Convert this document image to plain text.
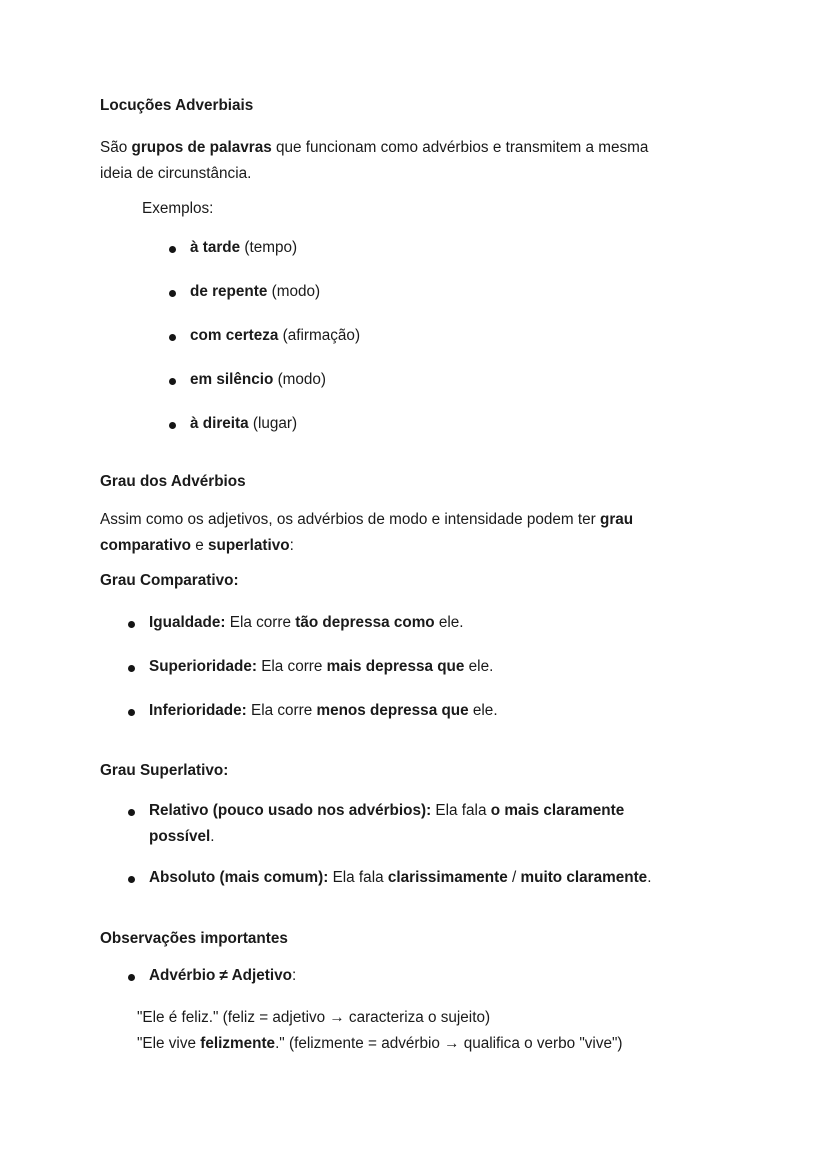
Locuções Adverbiais
São grupos de palavras que funcionam como advérbios e transmitem a mesma
ideia de circunstância.
Exemplos:
à tarde (tempo)
de repente (modo)
com certeza (afirmação)
em silêncio (modo)
à direita (lugar)
Grau dos Advérbios
Assim como os adjetivos, os advérbios de modo e intensidade podem ter grau
comparativo e superlativo:
Grau Comparativo:
Igualdade: Ela corre tão depressa como ele.
Superioridade: Ela corre mais depressa que ele.
Inferioridade: Ela corre menos depressa que ele.
Grau Superlativo:
Relativo (pouco usado nos advérbios): Ela fala o mais claramente
possível.
Absoluto (mais comum): Ela fala clarissimamente / muito claramente.
Observações importantes
Advérbio ≠ Adjetivo:
"Ele é feliz." (feliz = adjetivo → caracteriza o sujeito)
"Ele vive felizmente." (felizmente = advérbio → qualifica o verbo "vive")
